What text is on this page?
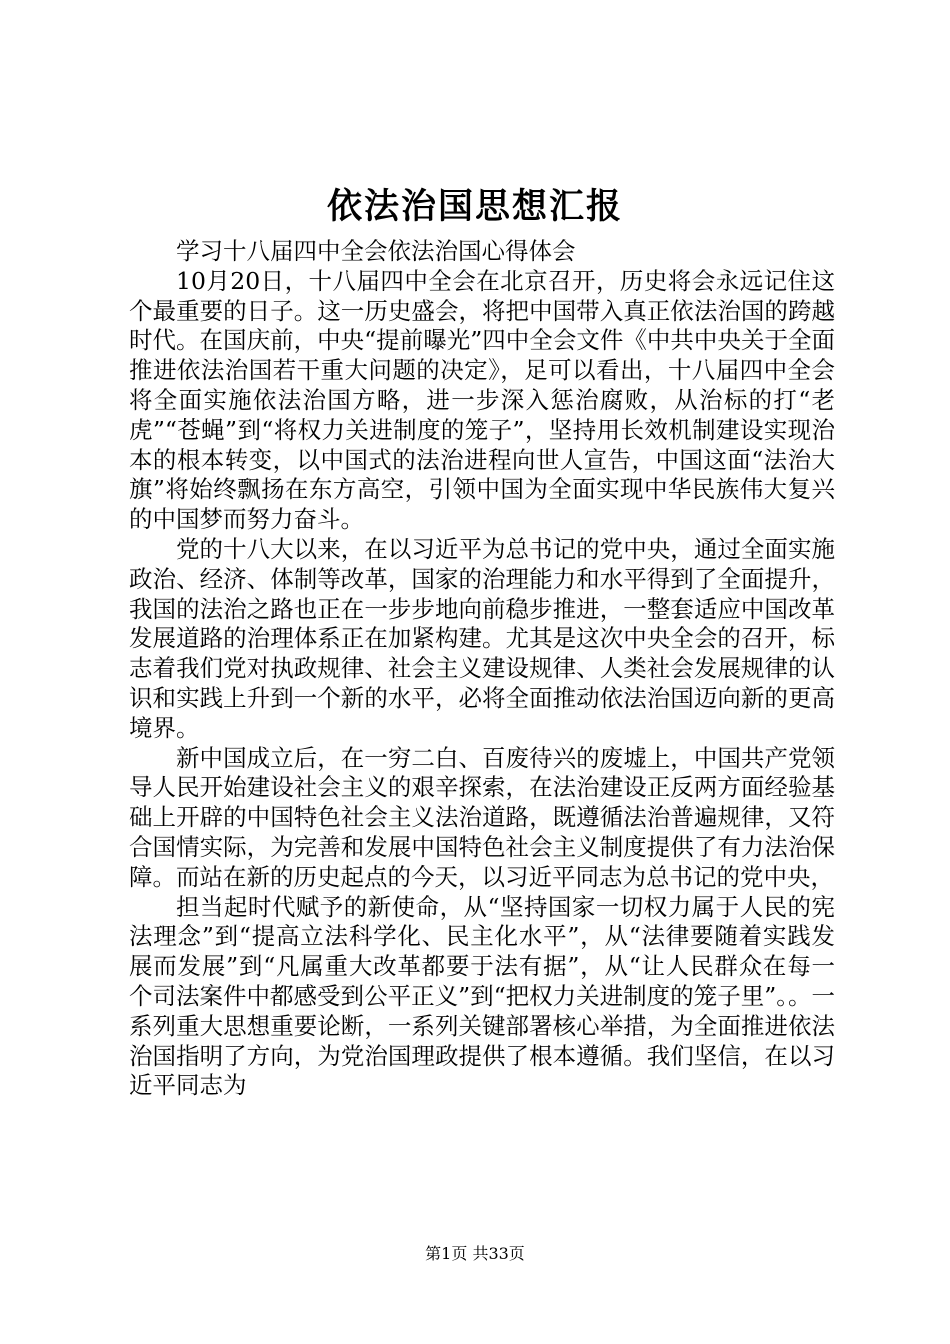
依法治国思想汇报

学习十八届四中全会依法治国心得体会

10月20日，十八届四中全会在北京召开，历史将会永远记住这个最重要的日子。这一历史盛会，将把中国带入真正依法治国的跨越时代。在国庆前，中央“提前曝光”四中全会文件《中共中央关于全面推进依法治国若干重大问题的决定》，足可以看出，十八届四中全会将全面实施依法治国方略，进一步深入惩治腐败，从治标的打“老虎”“苍蝇”到“将权力关进制度的笼子”，坚持用长效机制建设实现治本的根本转变，以中国式的法治进程向世人宣告，中国这面“法治大旗”将始终飘扬在东方高空，引领中国为全面实现中华民族伟大复兴的中国梦而努力奋斗。

党的十八大以来，在以习近平为总书记的党中央，通过全面实施政治、经济、体制等改革，国家的治理能力和水平得到了全面提升，我国的法治之路也正在一步步地向前稳步推进，一整套适应中国改革发展道路的治理体系正在加紧构建。尤其是这次中央全会的召开，标志着我们党对执政规律、社会主义建设规律、人类社会发展规律的认识和实践上升到一个新的水平，必将全面推动依法治国迈向新的更高境界。

新中国成立后，在一穷二白、百废待兴的废墟上，中国共产党领导人民开始建设社会主义的艰辛探索，在法治建设正反两方面经验基础上开辟的中国特色社会主义法治道路，既遵循法治普遍规律，又符合国情实际，为完善和发展中国特色社会主义制度提供了有力法治保障。而站在新的历史起点的今天，以习近平同志为总书记的党中央，

担当起时代赋予的新使命，从“坚持国家一切权力属于人民的宪法理念”到“提高立法科学化、民主化水平”，从“法律要随着实践发展而发展”到“凡属重大改革都要于法有据”，从“让人民群众在每一个司法案件中都感受到公平正义”到“把权力关进制度的笼子里”。。一系列重大思想重要论断，一系列关键部署核心举措，为全面推进依法治国指明了方向，为党治国理政提供了根本遵循。我们坚信，在以习近平同志为

第1页 共33页
